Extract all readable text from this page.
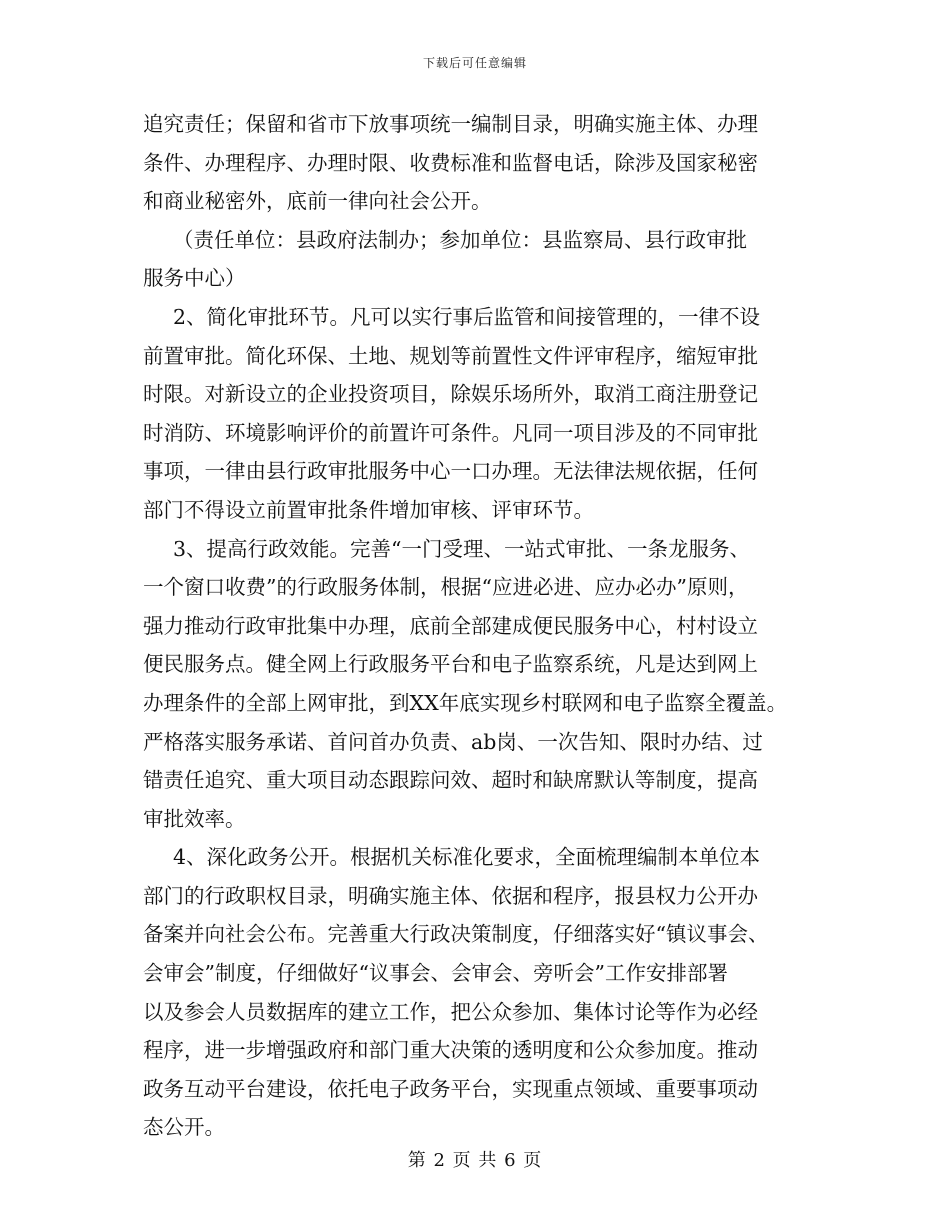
下载后可任意编辑

追究责任；保留和省市下放事项统一编制目录，明确实施主体、办理
条件、办理程序、办理时限、收费标准和监督电话，除涉及国家秘密
和商业秘密外，底前一律向社会公开。

（责任单位：县政府法制办；参加单位：县监察局、县行政审批
服务中心）

2、简化审批环节。凡可以实行事后监管和间接管理的，一律不设
前置审批。简化环保、土地、规划等前置性文件评审程序，缩短审批
时限。对新设立的企业投资项目，除娱乐场所外，取消工商注册登记
时消防、环境影响评价的前置许可条件。凡同一项目涉及的不同审批
事项，一律由县行政审批服务中心一口办理。无法律法规依据，任何
部门不得设立前置审批条件增加审核、评审环节。

3、提高行政效能。完善“一门受理、一站式审批、一条龙服务、
一个窗口收费”的行政服务体制，根据“应进必进、应办必办”原则，
强力推动行政审批集中办理，底前全部建成便民服务中心，村村设立
便民服务点。健全网上行政服务平台和电子监察系统，凡是达到网上
办理条件的全部上网审批，到XX年底实现乡村联网和电子监察全覆盖。
严格落实服务承诺、首问首办负责、ab岗、一次告知、限时办结、过
错责任追究、重大项目动态跟踪问效、超时和缺席默认等制度，提高
审批效率。

4、深化政务公开。根据机关标准化要求，全面梳理编制本单位本
部门的行政职权目录，明确实施主体、依据和程序，报县权力公开办
备案并向社会公布。完善重大行政决策制度，仔细落实好“镇议事会、
会审会”制度，仔细做好“议事会、会审会、旁听会”工作安排部署
以及参会人员数据库的建立工作，把公众参加、集体讨论等作为必经
程序，进一步增强政府和部门重大决策的透明度和公众参加度。推动
政务互动平台建设，依托电子政务平台，实现重点领域、重要事项动
态公开。

第 2 页 共 6 页
